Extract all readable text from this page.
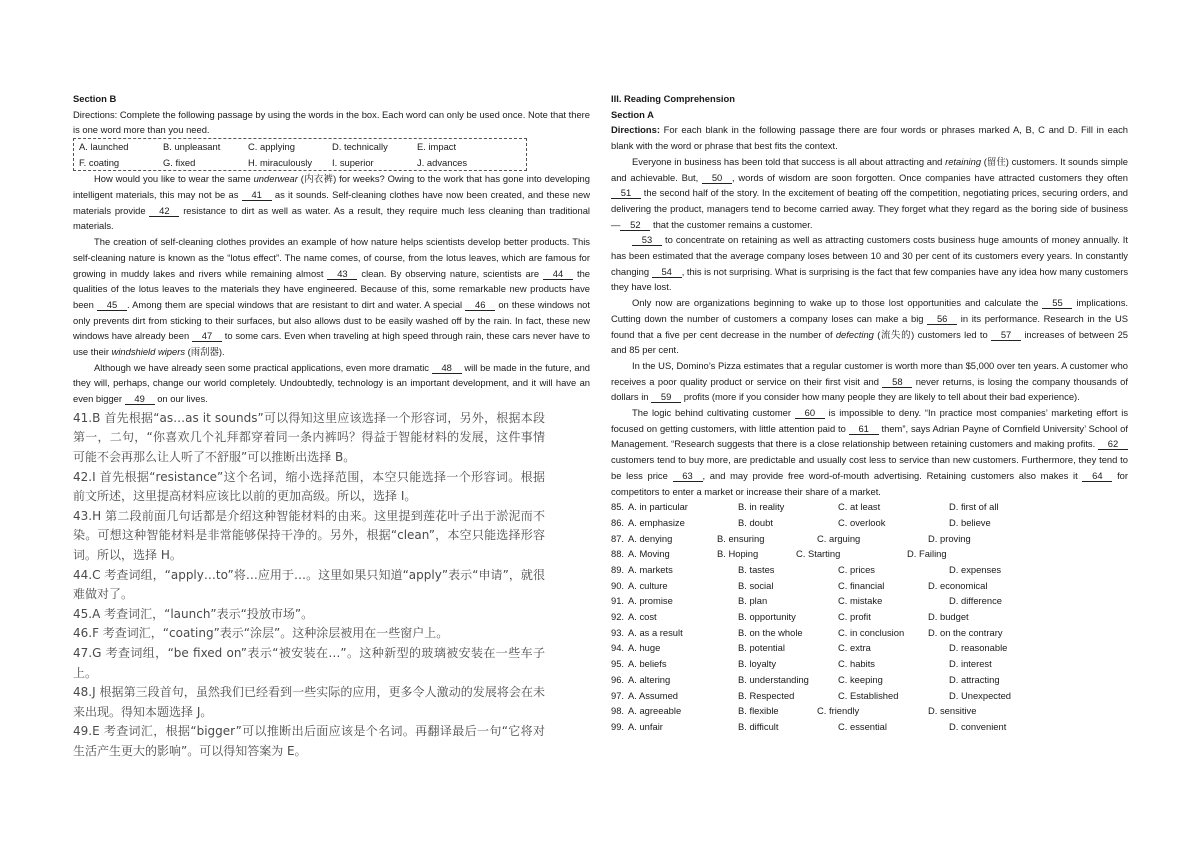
Section B
Directions: Complete the following passage by using the words in the box. Each word can only be used once. Note that there is one word more than you need.
A. launched	B. unpleasant	C. applying	D. technically	E. impact
F. coating	G. fixed	H. miraculously	I. superior	J. advances
How would you like to wear the same underwear (内衣裤) for weeks? Owing to the work that has gone into developing intelligent materials, this may not be as 41 as it sounds. Self-cleaning clothes have now been created, and these new materials provide 42 resistance to dirt as well as water. As a result, they require much less cleaning than traditional materials.
The creation of self-cleaning clothes provides an example of how nature helps scientists develop better products. This self-cleaning nature is known as the “lotus effect”. The name comes, of course, from the lotus leaves, which are famous for growing in muddy lakes and rivers while remaining almost 43 clean. By observing nature, scientists are 44 the qualities of the lotus leaves to the materials they have engineered. Because of this, some remarkable new products have been 45 . Among them are special windows that are resistant to dirt and water. A special 46 on these windows not only prevents dirt from sticking to their surfaces, but also allows dust to be easily washed off by the rain. In fact, these new windows have already been 47 to some cars. Even when traveling at high speed through rain, these cars never have to use their windshield wipers (雨刮器).
Although we have already seen some practical applications, even more dramatic 48 will be made in the future, and they will, perhaps, change our world completely. Undoubtedly, technology is an important development, and it will have an even bigger 49 on our lives.
41.B 首先根据“as…as it sounds”可以得知这里应该选择一个形容词，另外，根据本段第一，二句，“你喜欢几个礼拜都穿着同一条内裤吗？得益于智能材料的发展，这件事情可能不会再那么让人听了不舒服”可以推断出选择 B。
42.I 首先根据“resistance”这个名词，缩小选择范围，本空只能选择一个形容词。根据前文所述，这里提高材料应该比以前的更加高级。所以，选择 I。
43.H 第二段前面几句话都是介绍这种智能材料的由来。这里提到莲花叶子出于淤泥而不染。可想这种智能材料是非常能够保持干净的。另外，根据“clean”，本空只能选择形容词。所以，选择 H。
44.C 考查词组，“apply…to”将…应用于…。这里如果只知道“apply”表示“申请”，就很难做对了。
45.A 考查词汇，“launch”表示“投放市场”。
46.F 考查词汇，“coating”表示“涂层”。这种涂层被用在一些窗户上。
47.G 考查词组，“be fixed on”表示“被安装在…”。这种新型的玻璃被安装在一些车子上。
48.J 根据第三段首句，虽然我们已经看到一些实际的应用，更多令人激动的发展将会在未来出现。得知本题选择 J。
49.E 考查词汇，根据“bigger”可以推断出后面应该是个名词。再翻译最后一句“它将对生活产生更大的影响”。可以得知答案为 E。
III. Reading Comprehension
Section A
Directions: For each blank in the following passage there are four words or phrases marked A, B, C and D. Fill in each blank with the word or phrase that best fits the context.
Everyone in business has been told that success is all about attracting and retaining (留住) customers. It sounds simple and achievable. But, 50 , words of wisdom are soon forgotten. Once companies have attracted customers they often 51 the second half of the story. In the excitement of beating off the competition, negotiating prices, securing orders, and delivering the product, managers tend to become carried away. They forget what they regard as the boring side of business— 52 that the customer remains a customer.
53 to concentrate on retaining as well as attracting customers costs business huge amounts of money annually. It has been estimated that the average company loses between 10 and 30 per cent of its customers every years. In constantly changing 54 , this is not surprising. What is surprising is the fact that few companies have any idea how many customers they have lost.
Only now are organizations beginning to wake up to those lost opportunities and calculate the 55 implications. Cutting down the number of customers a company loses can make a big 56 in its performance. Research in the US found that a five per cent decrease in the number of defecting (流失的) customers led to 57 increases of between 25 and 85 per cent.
In the US, Domino’s Pizza estimates that a regular customer is worth more than $5,000 over ten years. A customer who receives a poor quality product or service on their first visit and 58 never returns, is losing the company thousands of dollars in 59 profits (more if you consider how many people they are likely to tell about their bad experience).
The logic behind cultivating customer 60 is impossible to deny. “In practice most companies’ marketing effort is focused on getting customers, with little attention paid to 61 them”, says Adrian Payne of Cornfield University’ School of Management. “Research suggests that there is a close relationship between retaining customers and making profits. 62 customers tend to buy more, are predictable and usually cost less to service than new customers. Furthermore, they tend to be less price 63 , and may provide free word-of-mouth advertising. Retaining customers also makes it 64 for competitors to enter a market or increase their share of a market.
85. A. in particular	B. in reality	C. at least	D. first of all
86. A. emphasize	B. doubt	C. overlook	D. believe
87. A. denying	B. ensuring	C. arguing	D. proving
88. A. Moving	B. Hoping	C. Starting	D. Failing
89. A. markets	B. tastes	C. prices	D. expenses
90. A. culture	B. social	C. financial	D. economical
91. A. promise	B. plan	C. mistake	D. difference
92. A. cost	B. opportunity	C. profit	D. budget
93. A. as a result	B. on the whole	C. in conclusion	D. on the contrary
94. A. huge	B. potential	C. extra	D. reasonable
95. A. beliefs	B. loyalty	C. habits	D. interest
96. A. altering	B. understanding	C. keeping	D. attracting
97. A. Assumed	B. Respected	C. Established	D. Unexpected
98. A. agreeable	B. flexible	C. friendly	D. sensitive
99. A. unfair	B. difficult	C. essential	D. convenient
